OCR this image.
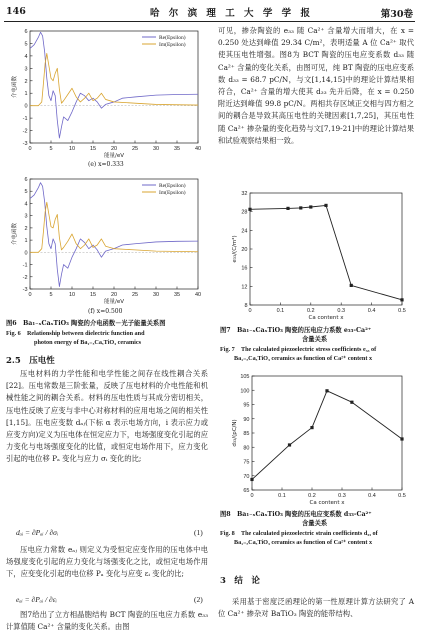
146	哈 尔 滨 理 工 大 学 学 报	第30卷
0	5	10	15	20	25	30	35	40
-3
-2
-1
0
1
2
3
4
5
6
能量/eV
介电函数
Re(Epsilon)
Im(Epsilon)
(e) x=0.333
0	5	10	15	20	25	30	35	40
-3
-2
-1
0
1
2
3
4
5
6
能量/eV
介电函数
Re(Epsilon)
Im(Epsilon)
(f) x=0.500
图6　Ba₁₋ₓCaₓTiO₃ 陶瓷的介电函数－光子能量关系图
Fig. 6　Relationship between dielectric function and
photon energy of Ba₁₋ₓCaₓTiO₃ ceramics
2.5　压电性

压电材料的力学性能和电学性能之间存在线性耦合关系[22]。压电常数是三阶张量，反映了压电材料的介电性能和机械性能之间的耦合关系。材料的压电性质与其成分密切相关，压电性反映了应变与非中心对称材料的应用电场之间的相关性[1,15]。压电应变数 dₐⱼ(下标 α 表示电场方向，i 表示应力或应变方向)定义为压电体在恒定应力下，电场强度变化引起的应力变化与电场强度变化的比值，或恒定电场作用下，应力变化引起的电位移 Pₐ 变化与应力 σᵢ 变化的比;

dₐᵢ = ∂Pₐᵢ / ∂σᵢ	(1)

压电应力常数 eₐⱼ 则定义为受恒定应变作用的压电体中电场强度变化引起的应力变化与场强变化之比，或恒定电场作用下，应变变化引起的电位移 Pₐ 变化与应变 εᵢ 变化的比;

eₐᵢ = ∂Pₐᵢ / ∂εᵢ	(2)

图7给出了立方相晶胞结构 BCT 陶瓷的压电应力系数 e₃₃ 计算值随 Ca²⁺ 含量的变化关系。由图

可见，掺杂陶瓷的 e₃₃ 随 Ca²⁺ 含量增大而增大，在 x = 0.250 处达到峰值 29.34 C/m²，表明适量 A 位 Ca²⁺ 取代使其压电性增强。图8为 BCT 陶瓷的压电应变系数 d₃₃ 随 Ca²⁺ 含量的变化关系，由图可见，纯 BT 陶瓷的压电应变系数 d₃₃ = 68.7 pC/N，与文[1,14,15]中的理论计算结果相符合，Ca²⁺ 含量的增大使其 d₃₃ 先升后降，在 x = 0.250 附近达到峰值 99.8 pC/N。两相共存区域正交相与四方相之间的耦合是导致其高压电性的关键因素[1,7,25]，其压电性随 Ca²⁺ 掺杂量的变化趋势与文[7,19-21]中的理论计算结果和试验观察结果相一致。

0	0.1	0.2	0.3	0.4	0.5
8
12
16
20
24
28
32
Ca content x
e₃₃/(C/m²)
图7　Ba₁₋ₓCaₓTiO₃ 陶瓷的压电应力系数 e₃₃-Ca²⁺
含量关系
Fig. 7　The calculated piezoelectric stress coefficients e₃₃ of
Ba₁₋ₓCaₓTiO₃ ceramics as function of Ca²⁺ content x
0	0.1	0.2	0.3	0.4	0.5
65
70
75
80
85
90
95
100
105
Ca content x
d₃₃/(pC/N)
图8　Ba₁₋ₓCaₓTiO₃ 陶瓷的压电应变系数 d₃₃-Ca²⁺
含量关系
Fig. 8　The calculated piezoelectric strain coefficients d₃₃ of
Ba₁₋ₓCaₓTiO₃ ceramics as function of Ca²⁺ content x
3　结　论

采用基于密度泛函理论的第一性原理计算方法研究了 A 位 Ca²⁺ 掺杂对 BaTiO₃ 陶瓷的能带结构、
